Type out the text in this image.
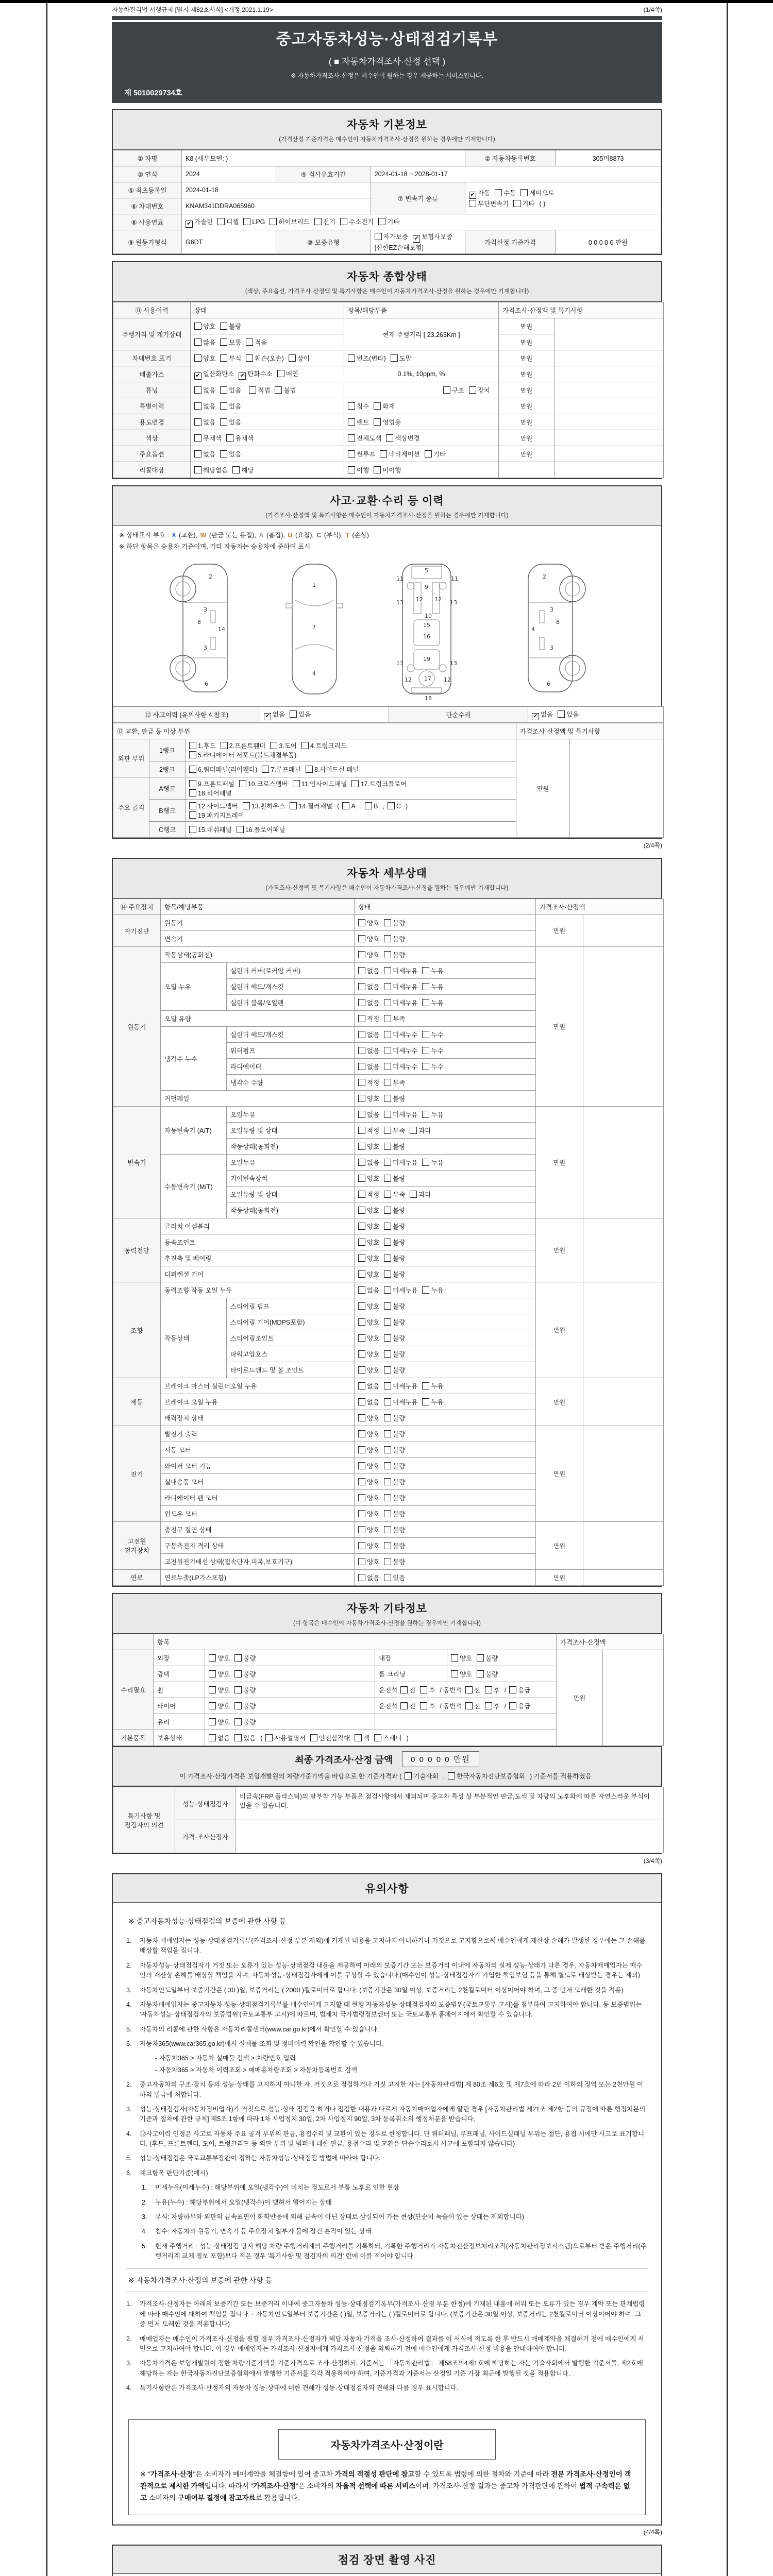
자동차관리법 시행규칙 [별지 제82호서식] <개정 2021.1.19>	(1/4쪽)
중고자동차성능·상태점검기록부
( ■ 자동차가격조사·산정 선택 )
※ 자동차가격조사·산정은 매수인이 원하는 경우 제공하는 서비스입니다.
제 5010029734호
자동차 기본정보
(가격산정 기준가격은 매수인이 자동차가격조사·산정을 원하는 경우에만 기재합니다)
① 차명	K8 (세부모델: )			② 자동차등록번호	305머8873
③ 연식	2024	④ 검사유효기간	2024-01-18 ~ 2028-01-17		
⑤ 최초등록일	2024-01-18		⑦ 변속기 종류	✔ 자동 수동 세미오토
무단변속기 기타 ( )	
⑥ 차대번호	KNAM341DDRA065960				
⑧ 사용연료	✔ 가솔린 디젤 LPG 하이브리드 전기 수소전기 기타				
⑨ 원동기형식	G6DT	⑩ 보증유형	자가보증 ✔ 보험사보증[신한EZ손해보험]	가격산정 기준가격	0 0 0 0 0 만원
자동차 종합상태
(색상, 주요옵션, 가격조사·산정액 및 특기사항은 매수인이 자동차가격조사·산정을 원하는 경우에만 기재합니다)
⑪ 사용이력	상태	항목/해당부품	가격조사·산정액 및 특기사항	
주행거리 및 계기상태	양호 불량	현재 주행거리 [ 23,263Km ]	만원	
	많음 보통 적음		만원	
차대번호 표기	양호 부식 훼손(오손) 상이	변조(변타) 도말	만원	
배출가스	✔ 일산화탄소 ✔ 탄화수소 매연	0.1%, 10ppm, %	만원	
튜닝	없음 있음 적법 불법	구조 장치	만원	
특별이력	없음 있음	침수 화재	만원	
용도변경	없음 있음	렌트 영업용	만원	
색상	무채색 유채색	전체도색 색상변경	만원	
주요옵션	없음 있음	썬루프 네비게이션 기타	만원	
리콜대상	해당없음 해당	이행 미이행		
사고·교환·수리 등 이력
(가격조사·산정액 및 특기사항은 매수인이 자동차가격조사·산정을 원하는 경우에만 기재합니다)
※ 상태표시 부호 : X (교환), W (판금 또는 용접), A (흠집), U (요철), C (부식), T (손상)
※ 하단 항목은 승용차 기준이며, 기타 자동차는 승용차에 준하여 표시
2
8
3
14
3
6
1
7
4
5
11	11
9
12 12
13	13
10
15
16
13	13
19
12	12
17
18
2
3
8
4
3
6
⑫ 사고이력 (유의사항 4.참조)	✔ 없음 있음	단순수리	✔ 없음 있음
⑬ 교환, 판금 등 이상 부위			가격조사·산정액 및 특기사항	
외판 부위	1랭크	1.후드 2.프론트휀더 3.도어 4.트렁크리드
5.라디에이터 서포트(볼트체결부품)	만원	
	2랭크	6.쿼더패널(리어휀다) 7.루프패널 8.사이드실 패널		
주요 골격	A랭크	9.프론트패널 10.크로스멤버 11.인사이드패널 17.트렁크플로어
18.리어패널		
	B랭크	12.사이드멤버 13.휠하우스 14.필러패널 ( A , B , C )
19.패키지트레이		
	C랭크	15.대쉬패널 16.플로어패널		
(2/4쪽)
자동차 세부상태
(가격조사·산정액 및 특기사항은 매수인이 자동차가격조사·산정을 원하는 경우에만 기재합니다)
⑭ 주요장치	항목/해당부품		상태	가격조사·산정액	
자기진단	원동기		양호 불량	만원	
	변속기		양호 불량		
원동기	작동상태(공회전)		양호 불량	만원	
	오일 누유	실린더 커버(로커암 커버)	없음 미세누유 누유		
		실린더 헤드/개스킷	없음 미세누유 누유		
		실린더 블록/오일팬	없음 미세누유 누유		
	오일 유량		적정 부족		
	냉각수 누수	실린더 헤드/개스킷	없음 미세누수 누수		
		워터펌프	없음 미세누수 누수		
		라디에이터	없음 미세누수 누수		
		냉각수 수량	적정 부족		
	커먼레일		양호 불량		
변속기	자동변속기 (A/T)	오일누유	없음 미세누유 누유	만원	
		오일유량 및 상태	적정 부족 과다		
		작동상태(공회전)	양호 불량		
	수동변속기 (M/T)	오일누유	없음 미세누유 누유		
		기어변속장치	양호 불량		
		오일유량 및 상태	적정 부족 과다		
		작동상태(공회전)	양호 불량		
동력전달	클러치 어셈블리		양호 불량	만원	
	등속조인트		양호 불량		
	추진축 및 베어링		양호 불량		
	디퍼렌셜 기어		양호 불량		
조향	동력조향 작동 오일 누유		없음 미세누유 누유	만원	
	작동상태	스티어링 펌프	양호 불량		
		스티어링 기어(MDPS포함)	양호 불량		
		스티어링조인트	양호 불량		
		파워고압호스	양호 불량		
		타이로드엔드 및 볼 조인트	양호 불량		
제동	브레이크 마스터 실린더오일 누유		없음 미세누유 누유	만원	
	브레이크 오일 누유		없음 미세누유 누유		
	배력장치 상태		양호 불량		
전기	발전기 출력		양호 불량	만원	
	시동 모터		양호 불량		
	와이퍼 모터 기능		양호 불량		
	실내송풍 모터		양호 불량		
	라디에이터 팬 모터		양호 불량		
	윈도우 모터		양호 불량		
고전원 전기장치	충전구 절연 상태		양호 불량	만원	
	구동축전지 격리 상태		양호 불량		
	고전원전기배선 상태(접속단자,피복,보호기구)		양호 불량		
연료	연료누출(LP가스포함)		없음 있음	만원	
자동차 기타정보
(이 항목은 매수인이 자동차가격조사·산정을 원하는 경우에만 기재합니다)
	항목				가격조사·산정액	
수리필요	외장	양호 불량	내장	양호 불량	만원	
	광택	양호 불량	룸 크리닝	양호 불량		
	휠	양호 불량	운전석 전 후 / 동반석 전 후 / 응급			
	타이어	양호 불량	운전석 전 후 / 동반석 전 후 / 응급			
	유리	양호 불량				
기본품목	보유상태	없음 있음 ( 사용설명서 안전삼각대 잭 스패너 )				
최종 가격조사·산정 금액	0 0 0 0 0 만원
이 가격조사·산정가격은 보험개발원의 차량기준가액을 바탕으로 한 기준가격과 ( 기술사회 , 한국자동차진단보증협회 ) 기준서를 적용하였음
특기사항 및 점검자의 의견	성능·상태점검자	비금속(FRP 플라스틱)의 탈부착 가능 부품은 점검사항에서 제외되며 중고차 특성 상 부분적인 판금,도색 및 차량의 노후화에 따른 자연스러운 부식이 있을 수 있습니다.
	가격·조사산정자	
(3/4쪽)
유의사항
※ 중고자동차성능·상태점검의 보증에 관한 사항 등
1.	자동차 매매업자는 성능·상태점검기록부(가격조사·산정 부분 제외)에 기재된 내용을 고지하지 아니하거나 거짓으로 고지함으로써 매수인에게 재산상 손해가 발생한 경우에는 그 손해를 배상할 책임을 집니다.
2.	자동차성능·상태점검자가 거짓 또는 오류가 있는 성능·상태점검 내용을 제공하여 아래의 보증기간 또는 보증거리 이내에 자동차의 실제 성능·상태가 다른 경우, 자동차매매업자는 매수인의 재산상 손해를 배상할 책임을 지며, 자동차성능·상태점검자에게 이를 구상할 수 있습니다.(매수인이 성능·상태점검자가 가입한 책임보험 등을 통해 별도로 배상받는 경우는 제외)
3.	자동차인도일부터 보증기간은 ( 30 )일, 보증거리는 ( 2000 )킬로미터로 합니다. (보증기간은 30일 이상, 보증거리는 2천킬로미터 이상이어야 하며, 그 중 먼저 도래한 것을 적용)
4.	자동차매매업자는 중고자동차 성능·상태점검기록부를 매수인에게 고지할 때 현행 자동차성능·상태점검자의 보증범위(국토교통부 고시)를 첨부하여 고지하여야 합니다. 동 보증범위는 '자동차성능·상태점검자의 보증범위'(국토교통부 고시)에 따르며, 법제처 국가법령정보센터 또는 국토교통부 홈페이지에서 확인할 수 있습니다.
5.	자동차의 리콜에 관한 사항은 자동차리콜센터(www.car.go.kr)에서 확인할 수 있습니다.
6.	자동차365(www.car365.go.kr)에서 실매물 조회 및 정비이력 확인을 확인할 수 있습니다.
- 자동차365 > 자동차 실매물 검색 > 차량번호 입력
- 자동차365 > 자동차 이력조회 > 매매용차량조회 > 자동차등록번호 검색
2.	중고자동차의 구조·장치 등의 성능·상태를 고지하지 아니한 자, 거짓으로 점검하거나 거짓 고지한 자는 [자동차관리법] 제 80조 제6호 및 제7호에 따라 2년 이하의 징역 또는 2천만원 이하의 벌금에 처합니다.
3.	성능·상태점검자(자동차정비업자)가 거짓으로 성능·상태 점검을 하거나 점검한 내용과 다르게 자동차매매업자에게 알린 경우 [자동차관리법 제21조 제2항 등의 규정에 따른 행정처분의 기준과 절차에 관한 규칙] 제5조 1항에 따라 1차 사업정지 30일, 2차 사업정지 90일, 3차 등록취소의 행정처분을 받습니다.
4.	⑫사고이력 인정은 사고로 자동차 주요 골격 부위의 판금, 용접수리 및 교환이 있는 경우로 한정합니다. 단 쿼터패널, 루프패널, 사이드실패널 부위는 절단, 용접 시에만 사고로 표기합니다. (후드, 프론트펜더, 도어, 트렁크리드 등 외판 부위 및 범퍼에 대한 판금, 용접수리 및 교환은 단순수리로서 사고에 포함되지 않습니다)
5.	성능·상태점검은 국토교통부장관이 정하는 자동차성능·상태점검 방법에 따라야 합니다.
6.	체크항목 판단기준(예시)
1.	미세누유(미세누수) : 해당부위에 오일(냉각수)이 비치는 정도로서 부품 노후로 인한 현상
2.	누유(누수) : 해당부위에서 오일(냉각수)이 맺혀서 떨어지는 상태
3.	부식: 차량하부와 외판의 금속표면이 화학반응에 의해 금속이 아닌 상태로 상실되어 가는 현상(단순히 녹슬어 있는 상태는 제외합니다)
4.	침수: 자동차의 원동기, 변속기 등 주요장치 일부가 물에 잠긴 흔적이 있는 상태
5.	현재 주행거리 : 성능·상태점검 당시 해당 차량 주행거리계의 주행거리를 기록하되, 기록한 주행거리가 자동차전산정보처리조직(자동차관리정보시스템)으로부터 받은 주행거리(주행거리계 교체 정보 포함)보다 적은 경우 '특기사항 및 점검자의 의견' 란에 이를 적어야 합니다.
※ 자동차가격조사·산정의 보증에 관한 사항 등
1.	가격조사·산정자는 아래의 보증기간 또는 보증거리 이내에 중고자동차 성능·상태점검기록부(가격조사·산정 부분 한정)에 기재된 내용에 허위 또는 오류가 있는 경우 계약 또는 관계법령에 따라 매수인에 대하여 책임을 집니다. · 자동차인도일부터 보증기간은 ( )일, 보증거리는 ( )킬로미터로 합니다. (보증기간은 30일 이상, 보증거리는 2천킬로미터 이상이어야 하며, 그 중 먼저 도래한 것을 적용합니다)
2.	매매업자는 매수인이 가격조사·산정을 원할 경우 가격조사·산정자가 해당 자동차 가격을 조사·산정하여 결과를 이 서식에 적도록 한 후 반드시 매매계약을 체결하기 전에 매수인에게 서면으로 고지하여야 합니다. 이 경우 매매업자는 가격조사·산정자에게 가격조사·산정을 의뢰하기 전에 매수인에게 가격조사·산정 비용을 안내하여야 합니다.
3.	자동차가격은 보험개발원이 정한 차량기준가액을 기준가격으로 조사·산정하되, 기준서는 「자동차관리법」 제58조의4제1호에 해당하는 자는 기술사회에서 발행한 기준서를, 제2호에 해당하는 자는 한국자동차진단보증협회에서 발행한 기준서를 각각 적용하여야 하며, 기준가격과 기준서는 산정일 기준 가장 최근에 발행된 것을 적용합니다.
4.	특기사항란은 가격조사·산정자의 자동차 성능·상태에 대한 견해가 성능·상태점검자의 견해와 다를 경우 표시합니다.
자동차가격조사·산정이란
※ "가격조사·산정"은 소비자가 매매계약을 체결함에 있어 중고차 가격의 적절성 판단에 참고할 수 있도록 법령에 의한 절차와 기준에 따라 전문 가격조사·산정인이 객관적으로 제시한 가액입니다. 따라서 "가격조사·산정"은 소비자의 자율적 선택에 따른 서비스이며, 가격조사·산정 결과는 중고차 가격판단에 관하여 법적 구속력은 없고 소비자의 구매여부 결정에 참고자료로 활용됩니다.
(4/4쪽)
점검 장면 촬영 사진
